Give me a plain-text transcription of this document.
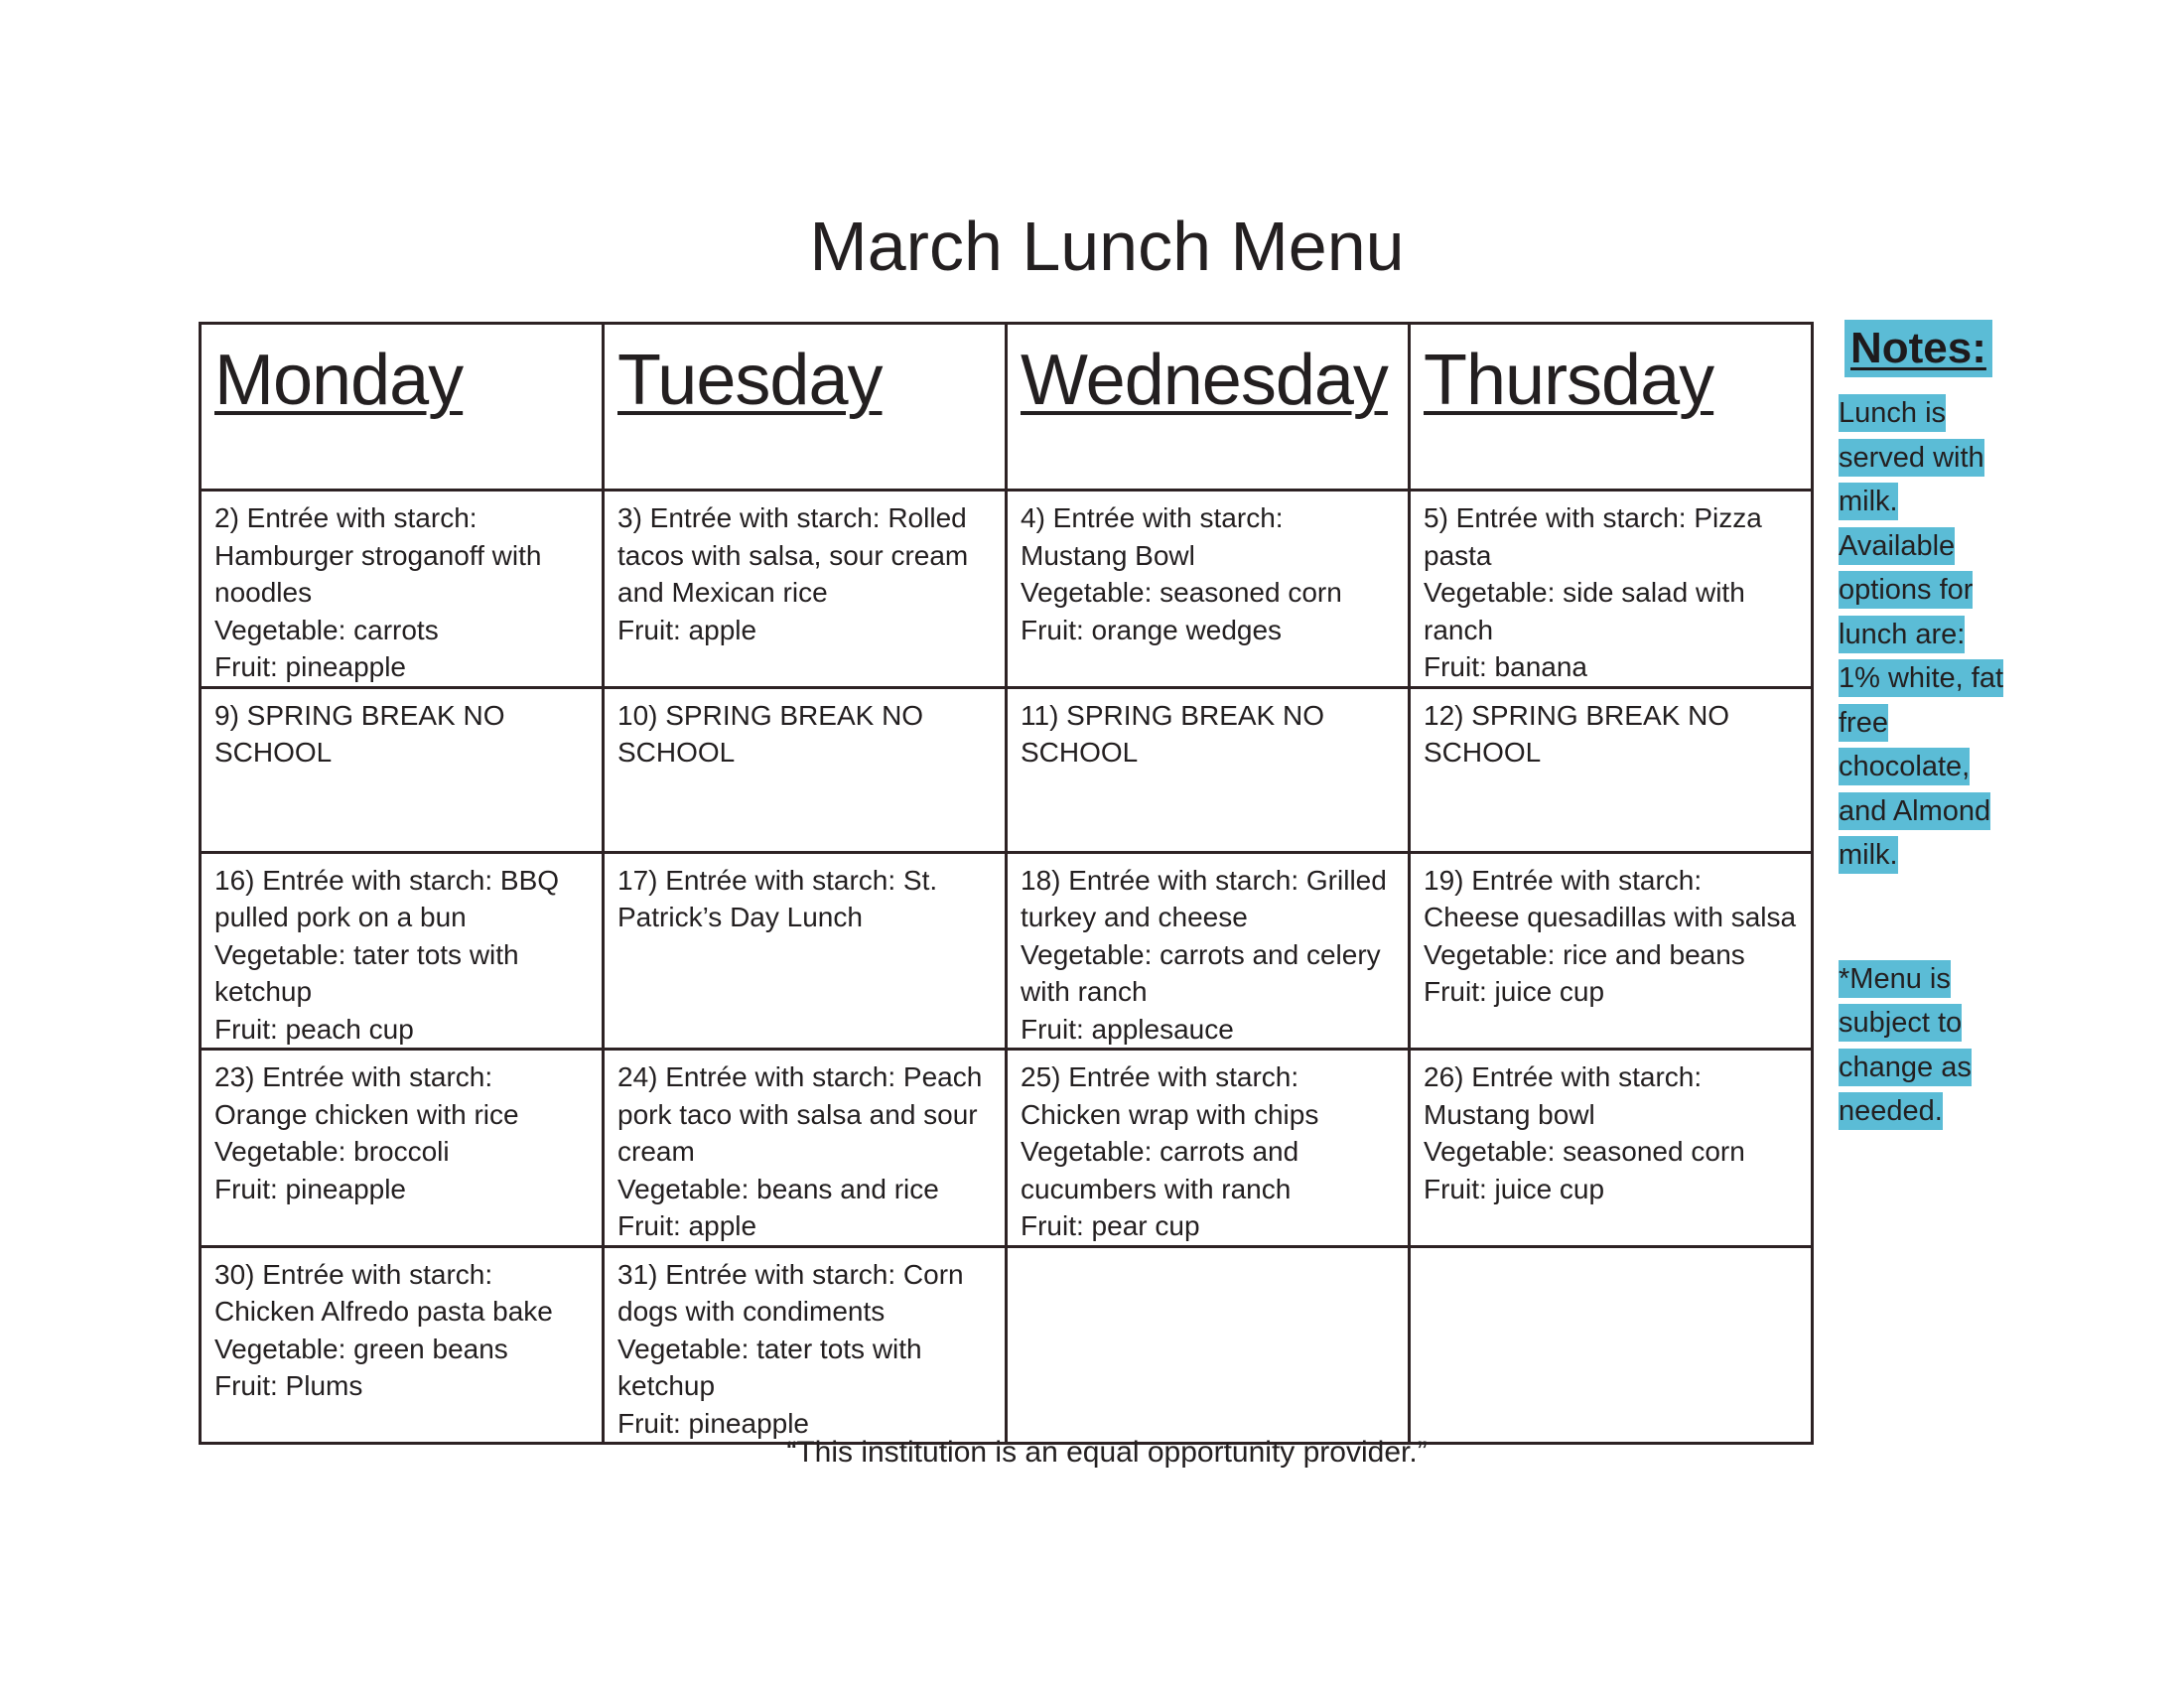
March Lunch Menu
Monday	Tuesday	Wednesday	Thursday
2) Entrée with starch: Hamburger stroganoff with noodles
Vegetable: carrots
Fruit: pineapple	3) Entrée with starch: Rolled tacos with salsa, sour cream and Mexican rice
Fruit: apple	4) Entrée with starch: Mustang Bowl
Vegetable: seasoned corn
Fruit: orange wedges	5) Entrée with starch: Pizza pasta
Vegetable: side salad with ranch
Fruit: banana
9) SPRING BREAK NO SCHOOL	10) SPRING BREAK NO SCHOOL	11) SPRING BREAK NO SCHOOL	12) SPRING BREAK NO SCHOOL
16) Entrée with starch: BBQ pulled pork on a bun
Vegetable: tater tots with ketchup
Fruit: peach cup	17) Entrée with starch: St. Patrick’s Day Lunch	18) Entrée with starch: Grilled turkey and cheese
Vegetable: carrots and celery with ranch
Fruit: applesauce	19) Entrée with starch: Cheese quesadillas with salsa
Vegetable: rice and beans
Fruit: juice cup
23) Entrée with starch: Orange chicken with rice
Vegetable: broccoli
Fruit: pineapple	24) Entrée with starch: Peach pork taco with salsa and sour cream
Vegetable: beans and rice
Fruit: apple	25) Entrée with starch: Chicken wrap with chips
Vegetable: carrots and cucumbers with ranch
Fruit: pear cup	26) Entrée with starch: Mustang bowl
Vegetable: seasoned corn
Fruit: juice cup
30) Entrée with starch: Chicken Alfredo pasta bake
Vegetable: green beans
Fruit: Plums	31) Entrée with starch: Corn dogs with condiments
Vegetable: tater tots with ketchup
Fruit: pineapple		
Notes:
Lunch is served with milk. Available options for lunch are: 1% white, fat free chocolate, and Almond milk.
*Menu is subject to change as needed.
“This institution is an equal opportunity provider.”
